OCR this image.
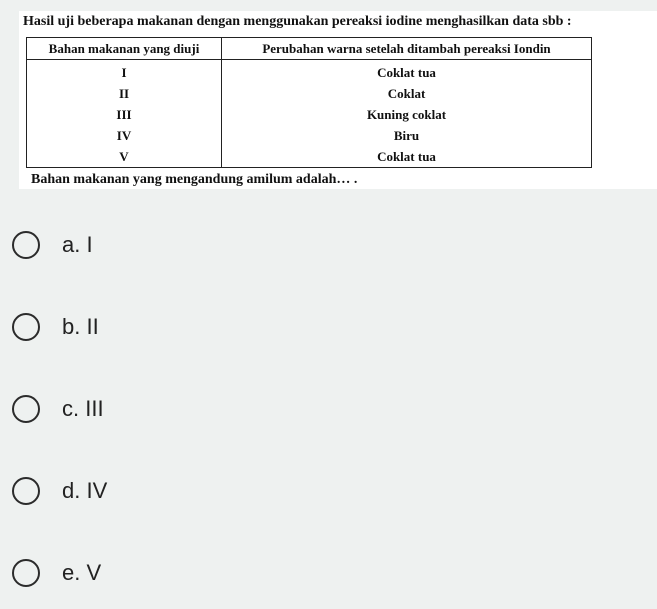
Hasil uji beberapa makanan dengan menggunakan pereaksi iodine menghasilkan data sbb :
Bahan makanan yang diuji	Perubahan warna setelah ditambah pereaksi Iondin
I	Coklat tua
II	Coklat
III	Kuning coklat
IV	Biru
V	Coklat tua
Bahan makanan yang mengandung amilum adalah… .
a. I
b. II
c. III
d. IV
e. V
